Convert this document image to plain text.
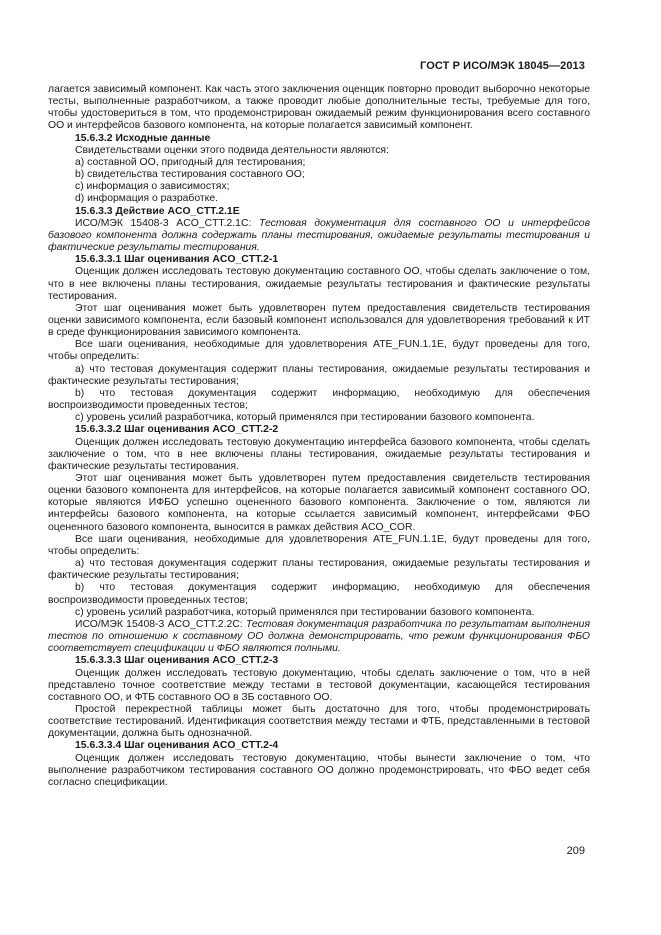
ГОСТ Р ИСО/МЭК 18045—2013

лагается зависимый компонент. Как часть этого заключения оценщик повторно проводит выборочно некоторые тесты, выполненные разработчиком, а также проводит любые дополнительные тесты, требуемые для того, чтобы удостовериться в том, что продемонстрирован ожидаемый режим функционирования всего составного ОО и интерфейсов базового компонента, на которые полагается зависимый компонент.

15.6.3.2 Исходные данные

Свидетельствами оценки этого подвида деятельности являются:

а) составной ОО, пригодный для тестирования;

b) свидетельства тестирования составного ОО;

с) информация о зависимостях;

d) информация о разработке.

15.6.3.3 Действие ACO_CTT.2.1E

ИСО/МЭК 15408-3 ACO_CTT.2.1C: Тестовая документация для составного ОО и интерфейсов базового компонента должна содержать планы тестирования, ожидаемые результаты тестирования и фактические результаты тестирования.

15.6.3.3.1 Шаг оценивания ACO_CTT.2-1

Оценщик должен исследовать тестовую документацию составного ОО, чтобы сделать заключение о том, что в нее включены планы тестирования, ожидаемые результаты тестирования и фактические результаты тестирования.

Этот шаг оценивания может быть удовлетворен путем предоставления свидетельств тестирования оценки зависимого компонента, если базовый компонент использовался для удовлетворения требований к ИТ в среде функционирования зависимого компонента.

Все шаги оценивания, необходимые для удовлетворения ATE_FUN.1.1E, будут проведены для того, чтобы определить:

а) что тестовая документация содержит планы тестирования, ожидаемые результаты тестирования и фактические результаты тестирования;

b) что тестовая документация содержит информацию, необходимую для обеспечения воспроизводимости проведенных тестов;

с) уровень усилий разработчика, который применялся при тестировании базового компонента.

15.6.3.3.2 Шаг оценивания ACO_CTT.2-2

Оценщик должен исследовать тестовую документацию интерфейса базового компонента, чтобы сделать заключение о том, что в нее включены планы тестирования, ожидаемые результаты тестирования и фактические результаты тестирования.

Этот шаг оценивания может быть удовлетворен путем предоставления свидетельств тестирования оценки базового компонента для интерфейсов, на которые полагается зависимый компонент составного ОО, которые являются ИФБО успешно оцененного базового компонента. Заключение о том, являются ли интерфейсы базового компонента, на которые ссылается зависимый компонент, интерфейсами ФБО оцененного базового компонента, выносится в рамках действия ACO_COR.

Все шаги оценивания, необходимые для удовлетворения ATE_FUN.1.1E, будут проведены для того, чтобы определить:

а) что тестовая документация содержит планы тестирования, ожидаемые результаты тестирования и фактические результаты тестирования;

b) что тестовая документация содержит информацию, необходимую для обеспечения воспроизводимости проведенных тестов;

с) уровень усилий разработчика, который применялся при тестировании базового компонента.

ИСО/МЭК 15408-3 ACO_CTT.2.2C: Тестовая документация разработчика по результатам выполнения тестов по отношению к составному ОО должна демонстрировать, что режим функционирования ФБО соответствует спецификации и ФБО являются полными.

15.6.3.3.3 Шаг оценивания ACO_CTT.2-3

Оценщик должен исследовать тестовую документацию, чтобы сделать заключение о том, что в ней представлено точное соответствие между тестами в тестовой документации, касающейся тестирования составного ОО, и ФТБ составного ОО в ЗБ составного ОО.

Простой перекрестной таблицы может быть достаточно для того, чтобы продемонстрировать соответствие тестирований. Идентификация соответствия между тестами и ФТБ, представленными в тестовой документации, должна быть однозначной.

15.6.3.3.4 Шаг оценивания ACO_CTT.2-4

Оценщик должен исследовать тестовую документацию, чтобы вынести заключение о том, что выполнение разработчиком тестирования составного ОО должно продемонстрировать, что ФБО ведет себя согласно спецификации.

209
